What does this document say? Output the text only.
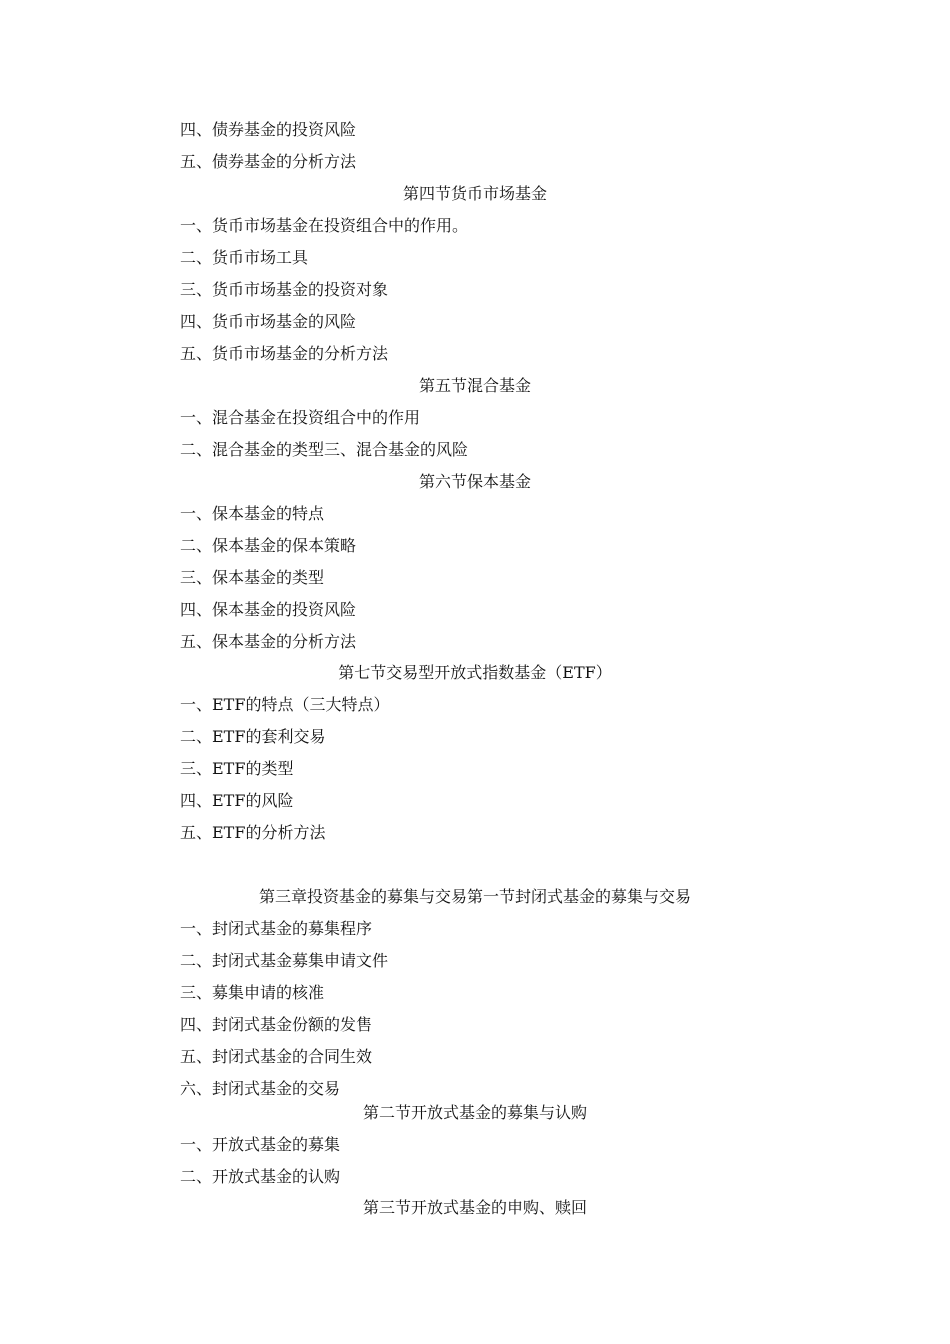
四、债券基金的投资风险
五、债券基金的分析方法
第四节货币市场基金
一、货币市场基金在投资组合中的作用。
二、货币市场工具
三、货币市场基金的投资对象
四、货币市场基金的风险
五、货币市场基金的分析方法
第五节混合基金
一、混合基金在投资组合中的作用
二、混合基金的类型三、混合基金的风险
第六节保本基金
一、保本基金的特点
二、保本基金的保本策略
三、保本基金的类型
四、保本基金的投资风险
五、保本基金的分析方法
第七节交易型开放式指数基金（ETF）
一、ETF的特点（三大特点）
二、ETF的套利交易
三、ETF的类型
四、ETF的风险
五、ETF的分析方法
第三章投资基金的募集与交易第一节封闭式基金的募集与交易
一、封闭式基金的募集程序
二、封闭式基金募集申请文件
三、募集申请的核准
四、封闭式基金份额的发售
五、封闭式基金的合同生效
六、封闭式基金的交易
第二节开放式基金的募集与认购
一、开放式基金的募集
二、开放式基金的认购
第三节开放式基金的申购、赎回
